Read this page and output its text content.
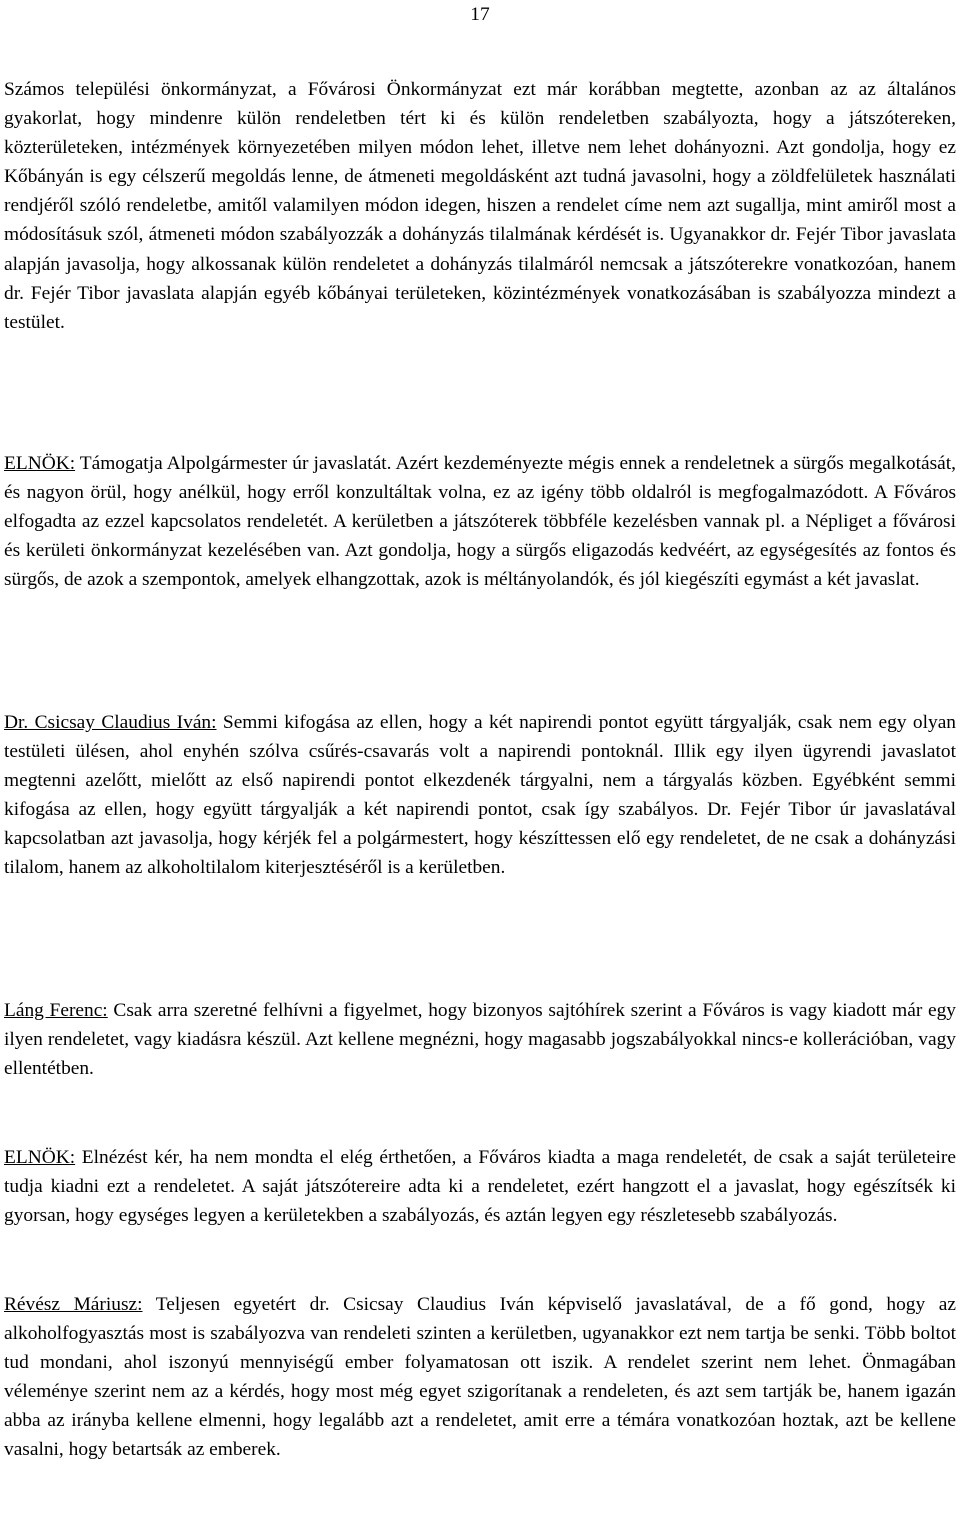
17

Számos települési önkormányzat, a Fővárosi Önkormányzat ezt már korábban megtette, azonban az az általános gyakorlat, hogy mindenre külön rendeletben tért ki és külön rendeletben szabályozta, hogy a játszótereken, közterületeken, intézmények környezetében milyen módon lehet, illetve nem lehet dohányozni. Azt gondolja, hogy ez Kőbányán is egy célszerű megoldás lenne, de átmeneti megoldásként azt tudná javasolni, hogy a zöldfelületek használati rendjéről szóló rendeletbe, amitől valamilyen módon idegen, hiszen a rendelet címe nem azt sugallja, mint amiről most a módosításuk szól, átmeneti módon szabályozzák a dohányzás tilalmának kérdését is. Ugyanakkor dr. Fejér Tibor javaslata alapján javasolja, hogy alkossanak külön rendeletet a dohányzás tilalmáról nemcsak a játszóterekre vonatkozóan, hanem dr. Fejér Tibor javaslata alapján egyéb kőbányai területeken, közintézmények vonatkozásában is szabályozza mindezt a testület.

ELNÖK: Támogatja Alpolgármester úr javaslatát. Azért kezdeményezte mégis ennek a rendeletnek a sürgős megalkotását, és nagyon örül, hogy anélkül, hogy erről konzultáltak volna, ez az igény több oldalról is megfogalmazódott. A Főváros elfogadta az ezzel kapcsolatos rendeletét. A kerületben a játszóterek többféle kezelésben vannak pl. a Népliget a fővárosi és kerületi önkormányzat kezelésében van. Azt gondolja, hogy a sürgős eligazodás kedvéért, az egységesítés az fontos és sürgős, de azok a szempontok, amelyek elhangzottak, azok is méltányolandók, és jól kiegészíti egymást a két javaslat.

Dr. Csicsay Claudius Iván: Semmi kifogása az ellen, hogy a két napirendi pontot együtt tárgyalják, csak nem egy olyan testületi ülésen, ahol enyhén szólva csűrés-csavarás volt a napirendi pontoknál. Illik egy ilyen ügyrendi javaslatot megtenni azelőtt, mielőtt az első napirendi pontot elkezdenék tárgyalni, nem a tárgyalás közben. Egyébként semmi kifogása az ellen, hogy együtt tárgyalják a két napirendi pontot, csak így szabályos. Dr. Fejér Tibor úr javaslatával kapcsolatban azt javasolja, hogy kérjék fel a polgármestert, hogy készíttessen elő egy rendeletet, de ne csak a dohányzási tilalom, hanem az alkoholtilalom kiterjesztéséről is a kerületben.

Láng Ferenc: Csak arra szeretné felhívni a figyelmet, hogy bizonyos sajtóhírek szerint a Főváros is vagy kiadott már egy ilyen rendeletet, vagy kiadásra készül. Azt kellene megnézni, hogy magasabb jogszabályokkal nincs-e kollerációban, vagy ellentétben.

ELNÖK: Elnézést kér, ha nem mondta el elég érthetően, a Főváros kiadta a maga rendeletét, de csak a saját területeire tudja kiadni ezt a rendeletet. A saját játszótereire adta ki a rendeletet, ezért hangzott el a javaslat, hogy egészítsék ki gyorsan, hogy egységes legyen a kerületekben a szabályozás, és aztán legyen egy részletesebb szabályozás.

Révész Máriusz: Teljesen egyetért dr. Csicsay Claudius Iván képviselő javaslatával, de a fő gond, hogy az alkoholfogyasztás most is szabályozva van rendeleti szinten a kerületben, ugyanakkor ezt nem tartja be senki. Több boltot tud mondani, ahol iszonyú mennyiségű ember folyamatosan ott iszik. A rendelet szerint nem lehet. Önmagában véleménye szerint nem az a kérdés, hogy most még egyet szigorítanak a rendeleten, és azt sem tartják be, hanem igazán abba az irányba kellene elmenni, hogy legalább azt a rendeletet, amit erre a témára vonatkozóan hoztak, azt be kellene vasalni, hogy betartsák az emberek.
